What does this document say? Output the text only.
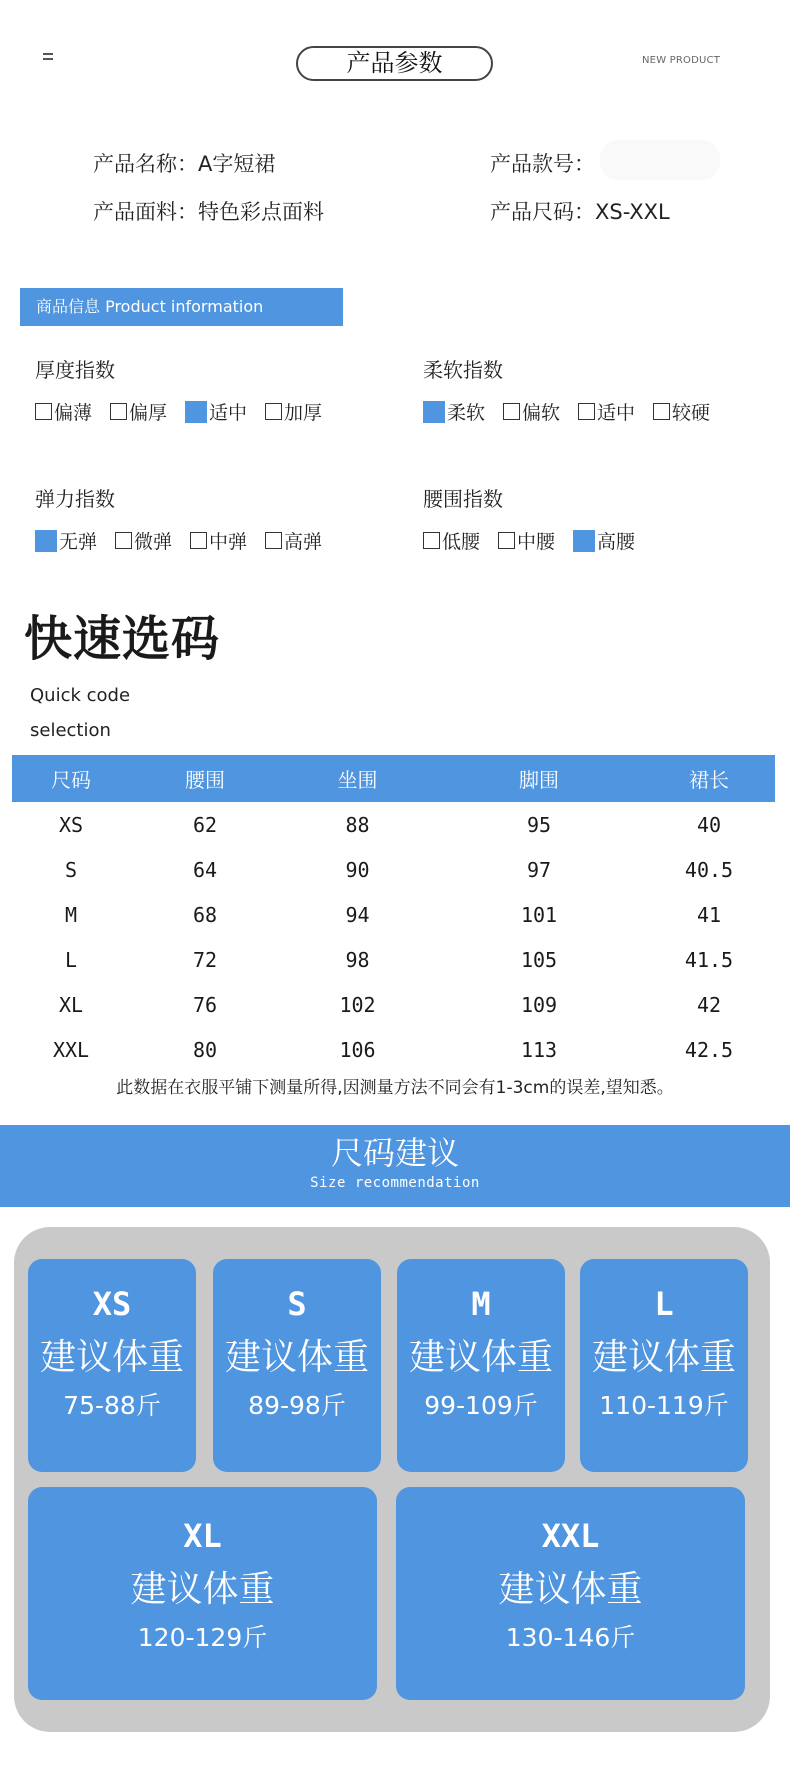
产品参数	NEW PRODUCT
产品名称：A字短裙	产品款号：
产品面料：特色彩点面料	产品尺码：XS-XXL
商品信息 Product information
厚度指数
偏薄 偏厚 适中 加厚
柔软指数
柔软 偏软 适中 较硬
弹力指数
无弹 微弹 中弹 高弹
腰围指数
低腰 中腰 高腰
快速选码
Quick code selection
尺码	腰围	坐围	脚围	裙长
XS	62	88	95	40
S	64	90	97	40.5
M	68	94	101	41
L	72	98	105	41.5
XL	76	102	109	42
XXL	80	106	113	42.5
此数据在衣服平铺下测量所得,因测量方法不同会有1-3cm的误差,望知悉。
尺码建议
Size recommendation
XS
建议体重
75-88斤
S
建议体重
89-98斤
M
建议体重
99-109斤
L
建议体重
110-119斤
XL
建议体重
120-129斤
XXL
建议体重
130-146斤
